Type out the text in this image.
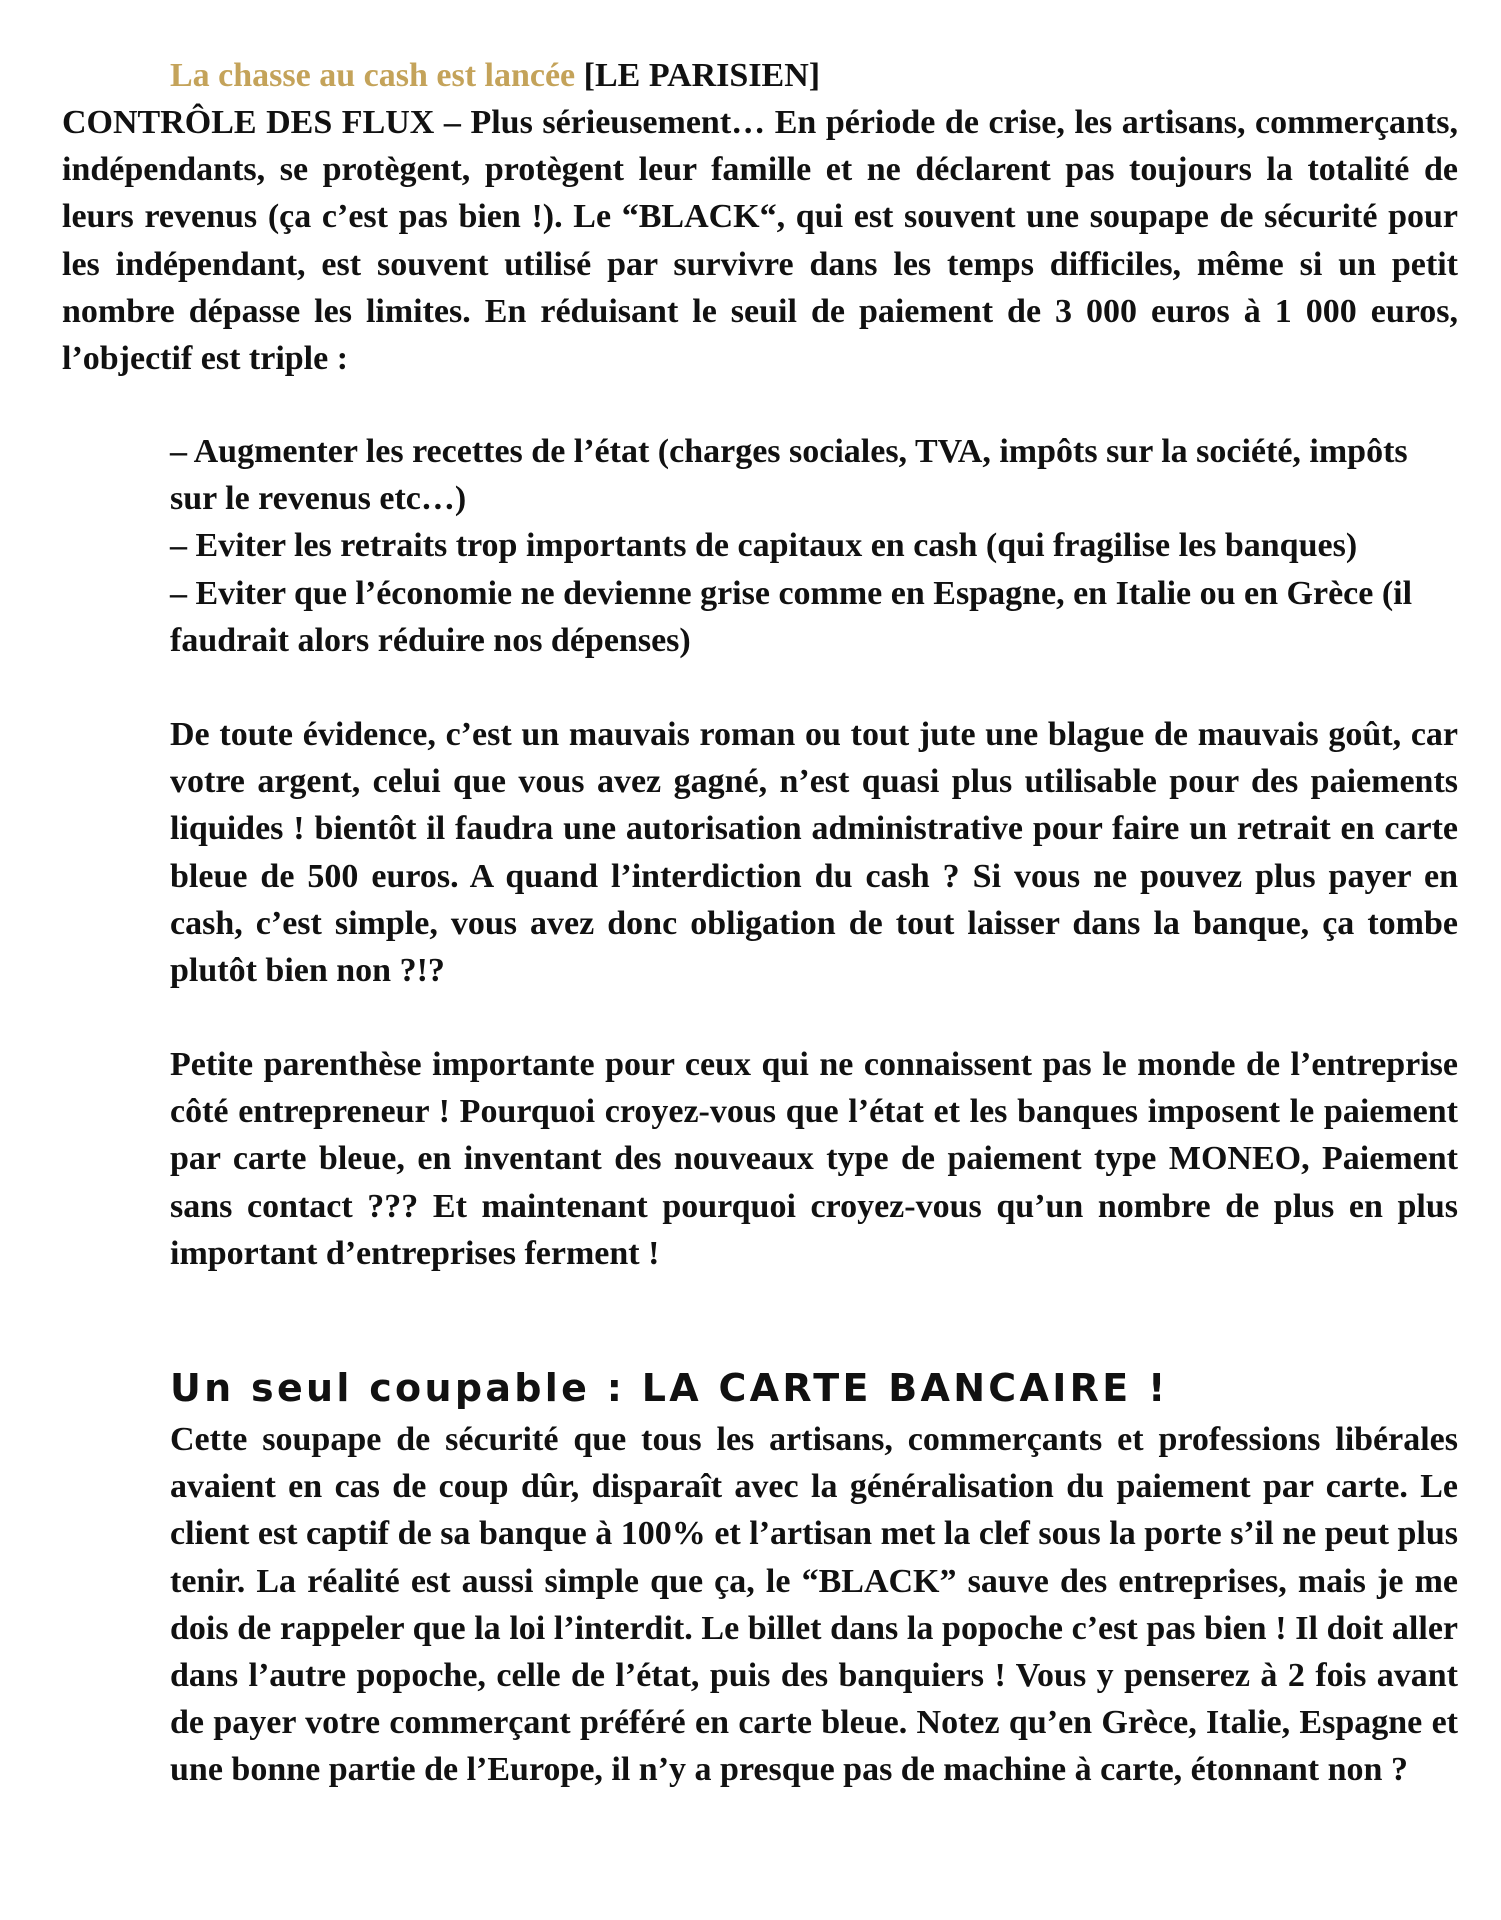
La chasse au cash est lancée [LE PARISIEN]

CONTRÔLE DES FLUX – Plus sérieusement… En période de crise, les artisans, commerçants, indépendants, se protègent, protègent leur famille et ne déclarent pas toujours la totalité de leurs revenus (ça c’est pas bien !). Le “BLACK“, qui est souvent une soupape de sécurité pour les indépendant, est souvent utilisé par survivre dans les temps difficiles, même si un petit nombre dépasse les limites. En réduisant le seuil de paiement de 3 000 euros à 1 000 euros, l’objectif est triple :

– Augmenter les recettes de l’état (charges sociales, TVA, impôts sur la société, impôts sur le revenus etc…)

– Eviter les retraits trop importants de capitaux en cash (qui fragilise les banques)

– Eviter que l’économie ne devienne grise comme en Espagne, en Italie ou en Grèce (il faudrait alors réduire nos dépenses)

De toute évidence, c’est un mauvais roman ou tout jute une blague de mauvais goût, car votre argent, celui que vous avez gagné, n’est quasi plus utilisable pour des paiements liquides ! bientôt il faudra une autorisation administrative pour faire un retrait en carte bleue de 500 euros. A quand l’interdiction du cash ? Si vous ne pouvez plus payer en cash, c’est simple, vous avez donc obligation de tout laisser dans la banque, ça tombe plutôt bien non ?!?

Petite parenthèse importante pour ceux qui ne connaissent pas le monde de l’entreprise côté entrepreneur ! Pourquoi croyez-vous que l’état et les banques imposent le paiement par carte bleue, en inventant des nouveaux type de paiement type MONEO, Paiement sans contact ??? Et maintenant pourquoi croyez-vous qu’un nombre de plus en plus important d’entreprises ferment !

Un seul coupable : LA CARTE BANCAIRE !

Cette soupape de sécurité que tous les artisans, commerçants et professions libérales avaient en cas de coup dûr, disparaît avec la généralisation du paiement par carte. Le client est captif de sa banque à 100% et l’artisan met la clef sous la porte s’il ne peut plus tenir. La réalité est aussi simple que ça, le “BLACK” sauve des entreprises, mais je me dois de rappeler que la loi l’interdit. Le billet dans la popoche c’est pas bien ! Il doit aller dans l’autre popoche, celle de l’état, puis des banquiers ! Vous y penserez à 2 fois avant de payer votre commerçant préféré en carte bleue. Notez qu’en Grèce, Italie, Espagne et une bonne partie de l’Europe, il n’y a presque pas de machine à carte, étonnant non ?
